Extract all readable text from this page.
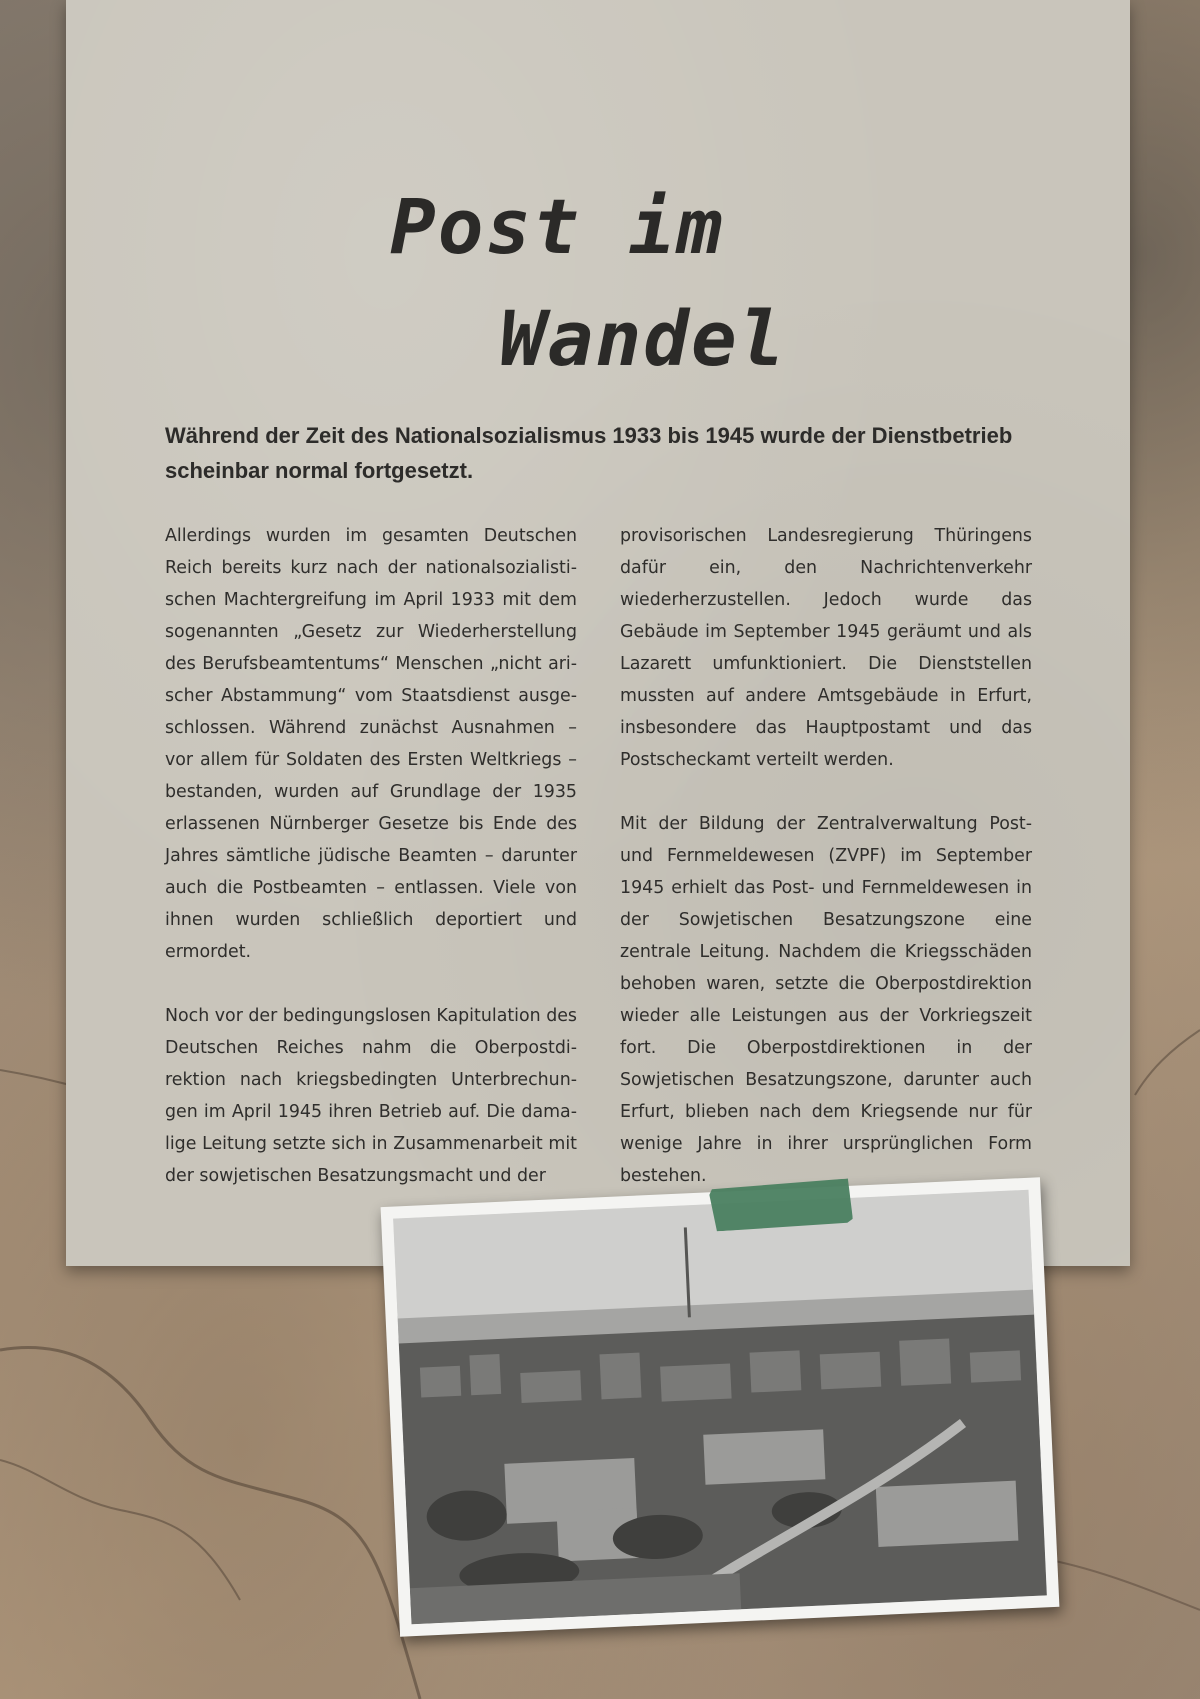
Post im
Wandel
Während der Zeit des Nationalsozialismus 1933 bis 1945 wurde der Dienstbetrieb scheinbar normal fortgesetzt.

Allerdings wurden im gesamten Deutschen Reich bereits kurz nach der nationalsozialistischen Machtergreifung im April 1933 mit dem sogenannten „Gesetz zur Wiederherstellung des Berufsbeamtentums“ Menschen „nicht arischer Abstammung“ vom Staatsdienst ausgeschlossen. Während zunächst Ausnahmen – vor allem für Soldaten des Ersten Weltkriegs – bestanden, wurden auf Grundlage der 1935 erlassenen Nürnberger Gesetze bis Ende des Jahres sämtliche jüdische Beamten – darunter auch die Postbeamten – entlassen. Viele von ihnen wurden schließlich deportiert und ermordet.

Noch vor der bedingungslosen Kapitulation des Deutschen Reiches nahm die Oberpostdirektion nach kriegsbedingten Unterbrechungen im April 1945 ihren Betrieb auf. Die damalige Leitung setzte sich in Zusammenarbeit mit der sowjetischen Besatzungsmacht und der

provisorischen Landesregierung Thüringens dafür ein, den Nachrichtenverkehr wiederherzustellen. Jedoch wurde das Gebäude im September 1945 geräumt und als Lazarett umfunktioniert. Die Dienststellen mussten auf andere Amtsgebäude in Erfurt, insbesondere das Hauptpostamt und das Postscheckamt verteilt werden.

Mit der Bildung der Zentralverwaltung Post- und Fernmeldewesen (ZVPF) im September 1945 erhielt das Post- und Fernmeldewesen in der Sowjetischen Besatzungszone eine zentrale Leitung. Nachdem die Kriegsschäden behoben waren, setzte die Oberpostdirektion wieder alle Leistungen aus der Vorkriegszeit fort. Die Oberpostdirektionen in der Sowjetischen Besatzungszone, darunter auch Erfurt, blieben nach dem Kriegsende nur für wenige Jahre in ihrer ursprünglichen Form bestehen.
